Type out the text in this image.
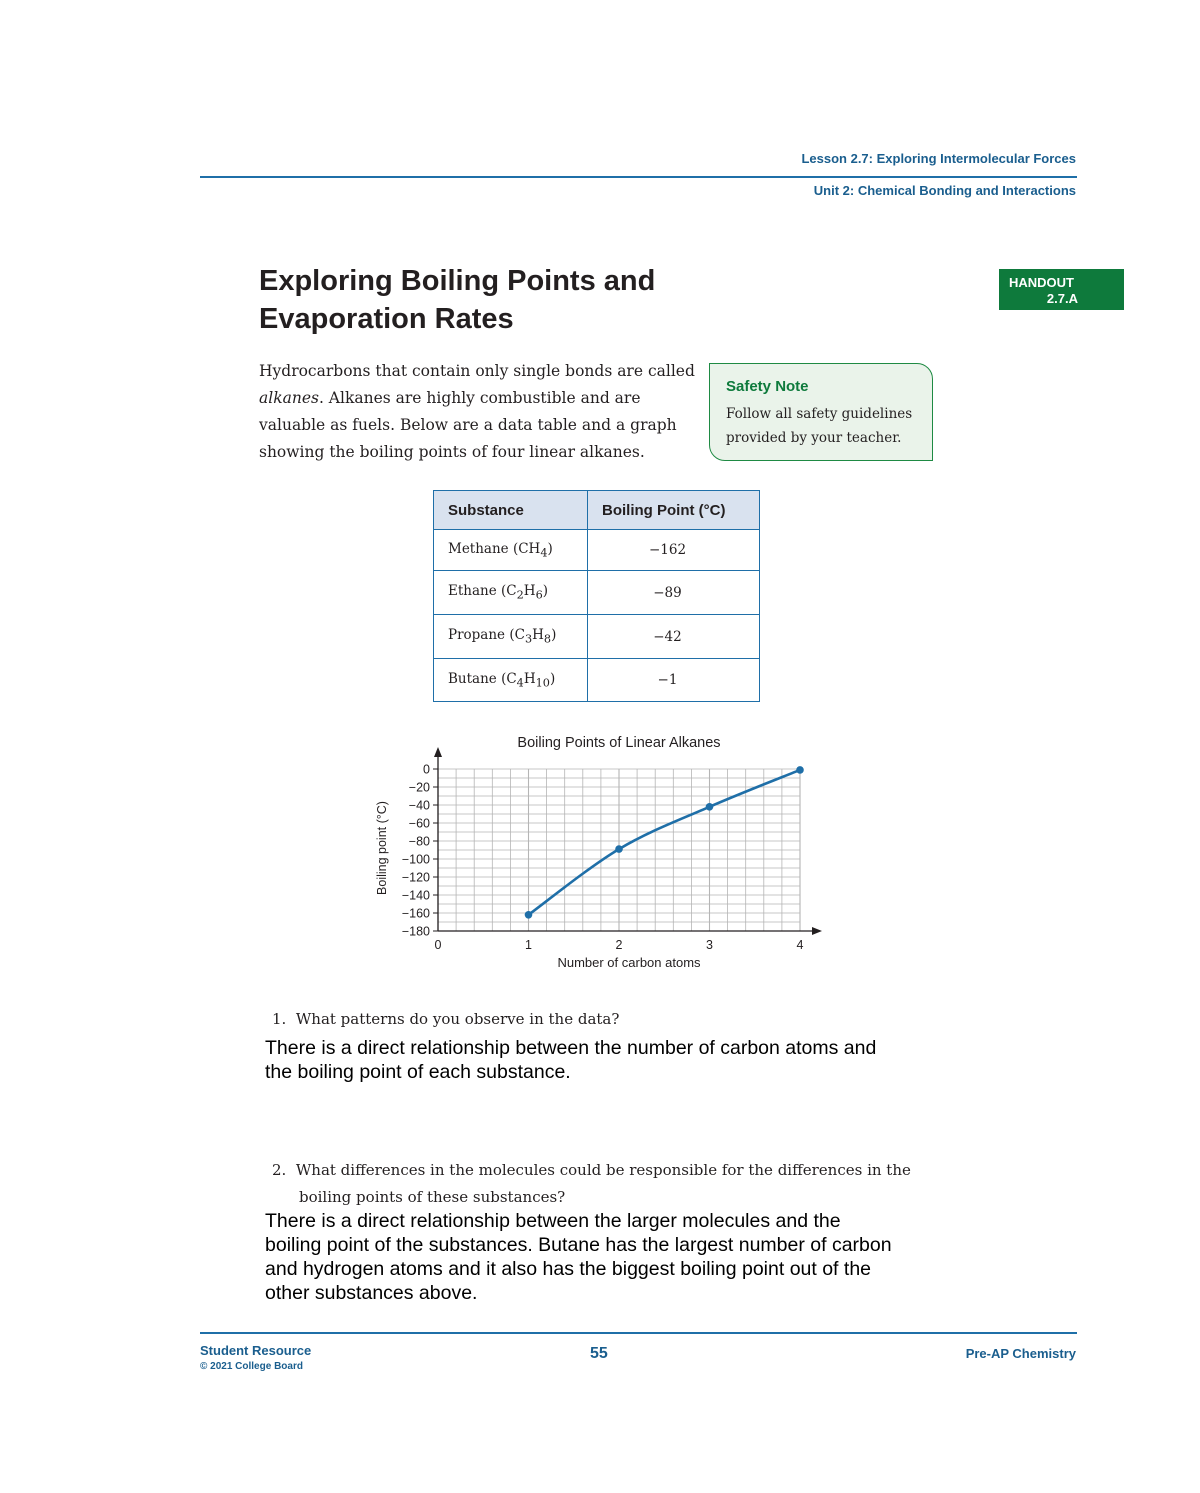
Lesson 2.7: Exploring Intermolecular Forces
Unit 2: Chemical Bonding and Interactions
HANDOUT
2.7.A
Exploring Boiling Points and
Evaporation Rates
Hydrocarbons that contain only single bonds are called alkanes. Alkanes are highly combustible and are valuable as fuels. Below are a data table and a graph showing the boiling points of four linear alkanes.
Safety Note
Follow all safety guidelines provided by your teacher.
Substance	Boiling Point (°C)
Methane $(CH_4)$	−162
Ethane $(C_2H_6)$	−89
Propane $(C_3H_8)$	−42
Butane $(C_4H_{10})$	−1
Boiling Points of Linear Alkanes
0
−20
−40
−60
−80
−100
−120
−140
−160
−180
0	1	2	3	4
Number of carbon atoms
Boiling point (°C)
1. What patterns do you observe in the data?
There is a direct relationship between the number of carbon atoms and
the boiling point of each substance.
2. What differences in the molecules could be responsible for the differences in the
boiling points of these substances?
There is a direct relationship between the larger molecules and the
boiling point of the substances. Butane has the largest number of carbon
and hydrogen atoms and it also has the biggest boiling point out of the
other substances above.
Student Resource
© 2021 College Board
55	Pre-AP Chemistry
